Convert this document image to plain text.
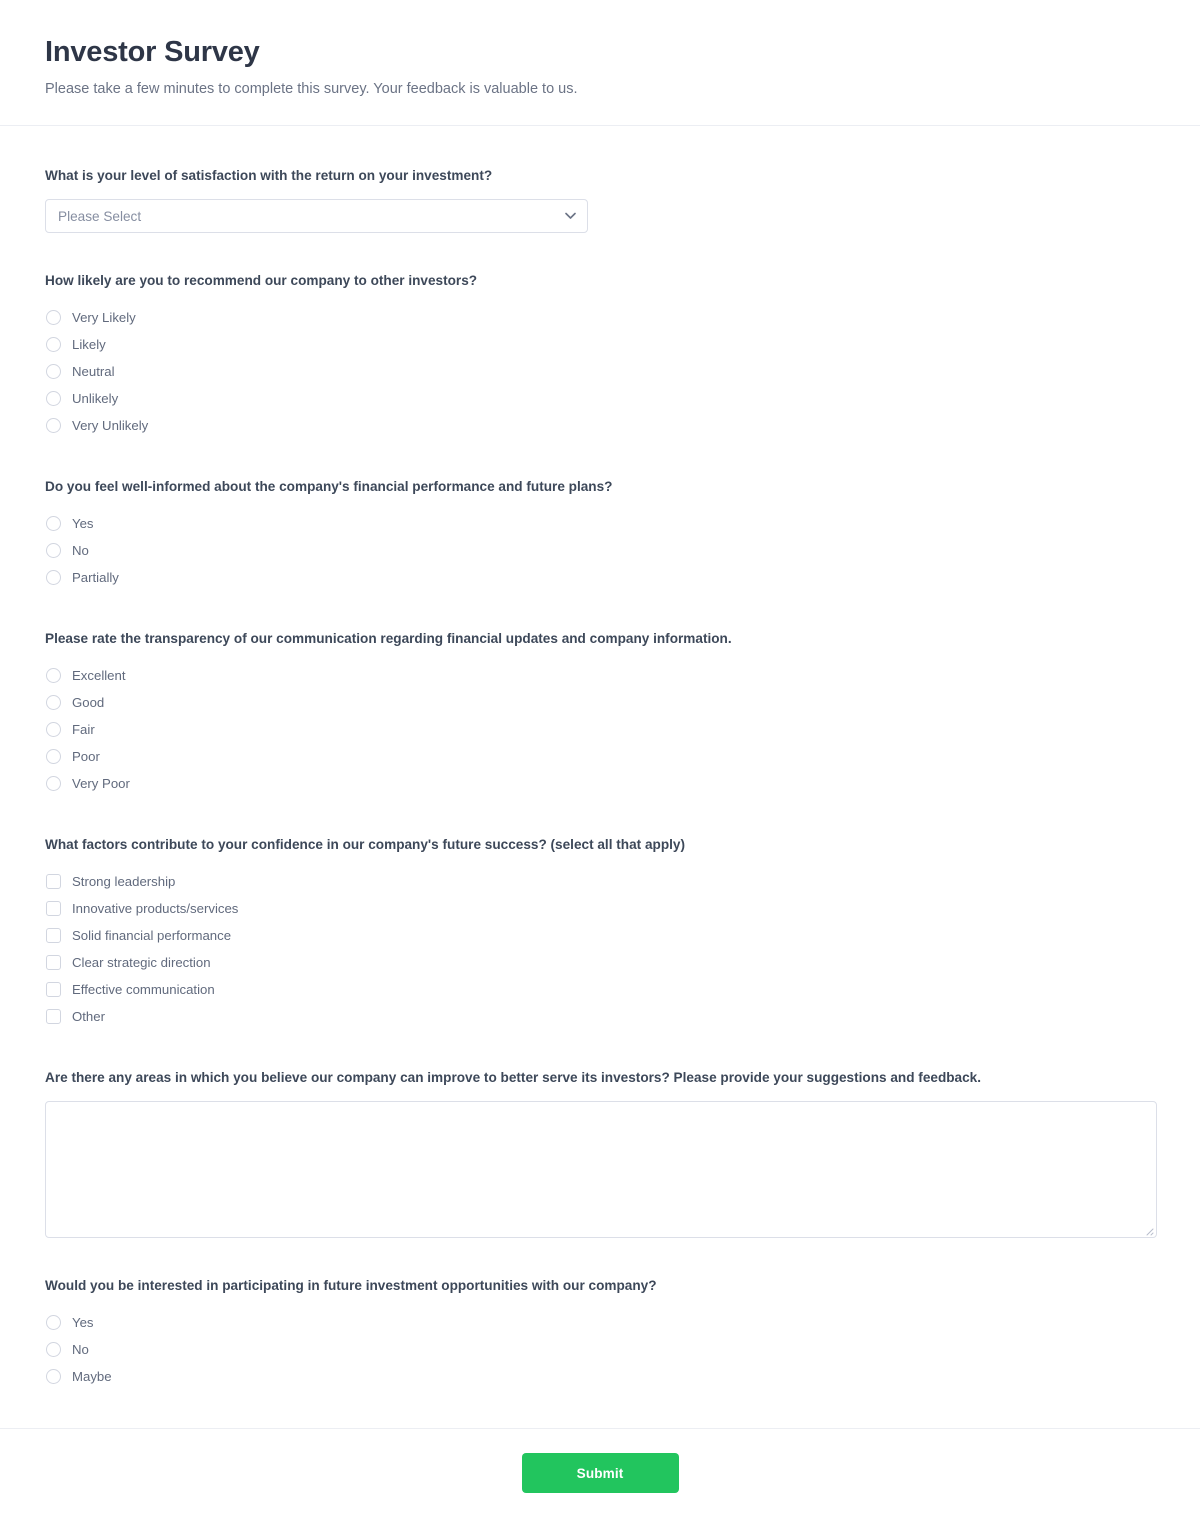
Investor Survey

Please take a few minutes to complete this survey. Your feedback is valuable to us.

What is your level of satisfaction with the return on your investment?
Please Select
How likely are you to recommend our company to other investors?
Very Likely
Likely
Neutral
Unlikely
Very Unlikely
Do you feel well-informed about the company's financial performance and future plans?
Yes
No
Partially
Please rate the transparency of our communication regarding financial updates and company information.
Excellent
Good
Fair
Poor
Very Poor
What factors contribute to your confidence in our company's future success? (select all that apply)
Strong leadership
Innovative products/services
Solid financial performance
Clear strategic direction
Effective communication
Other
Are there any areas in which you believe our company can improve to better serve its investors? Please provide your suggestions and feedback.
Would you be interested in participating in future investment opportunities with our company?
Yes
No
Maybe
Submit
